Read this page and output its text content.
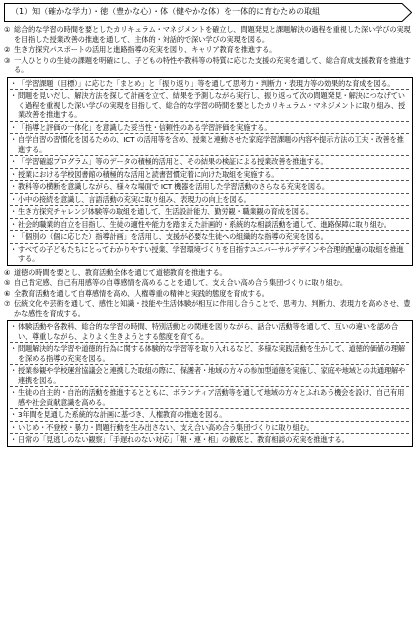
（1）知（確かな学力）・徳（豊かな心）・体（健やかな体）を一体的に育むための取組
① 総合的な学習の時間を要としたカリキュラム・マネジメントを確立し、問題発見と課題解決の過程を重視した深い学びの実現を目指した授業改善の推進を通して、主体的・対話的で深い学びの実現を図る。
② 生き方探究パスポートの活用と進路指導の充実を図り、キャリア教育を推進する。
③ 一人ひとりの生徒の課題を明確にし、子どもの特性や教科等の特質に応じた支援の充実を通して、総合育成支援教育を推進する。
・ 「学習課題（目標）」に応じた「まとめ」と「振り返り」等を通して思考力・判断力・表現力等の効果的な育成を図る。
・ 問題を見いだし、解決方法を探して計画を立て、結果を予測しながら実行し、振り返って次の問題発見・解決につなげていく過程を重視した深い学びの実現を目指して、総合的な学習の時間を要としたカリキュラム・マネジメントに取り組み、授業改善を推進する。
・ 「指導と評価の一体化」を意識した妥当性・信頼性のある学習評価を実施する。
・ 自学自習の習慣化を図るための、ICT の活用等を含め、授業と連動させた家庭学習課題の内容や提示方法の工夫・改善を推進する。
・ 「学習確認プログラム」等のデータの積極的活用と、その結果の検証による授業改善を推進する。
・ 授業における学校図書館の積極的な活用と読書習慣定着に向けた取組を実施する。
・ 教科等の横断を意識しながら、様々な場面で ICT 機器を活用した学習活動のさらなる充実を図る。
・ 小中の接続を意識し、言語活動の充実に取り組み、表現力の向上を図る。
・ 生き方探究チャレンジ体験等の取組を通して、生活設計能力、勤労観・職業観の育成を図る。
・ 社会的職業的自立を目指し、生徒の適性や能力を踏まえた計画的・系統的な相談活動を通して、進路保障に取り組む。
・ 「個別の（個に応じた）指導計画」を活用し、支援が必要な生徒への組織的な指導の充実を図る。
・ すべての子どもたちにとってわかりやすい授業、学習環境づくりを目指すユニバーサルデザインや合理的配慮の取組を推進する。
④ 道徳の時間を要とし、教育活動全体を通じて道徳教育を推進する。
⑤ 自己肯定感、自己有用感等の自尊感情を高めることを通して、支え合い高め合う集団づくりに取り組む。
⑥ 全教育活動を通して自尊感情を高め、人権尊重の精神と実践的態度を育成する。
⑦ 伝統文化や芸術を通して、感性と知識・技能や生活体験が相互に作用し合うことで、思考力、判断力、表現力を高めさせ、豊かな感性を育成する。
・ 体験活動や各教科、総合的な学習の時間、特別活動との関連を図りながら、話合い活動等を通して、互いの違いを認め合い、尊重しながら、よりよく生きようとする態度を育てる。
・ 問題解決的な学習や道徳的行為に関する体験的な学習等を取り入れるなど、多様な実践活動を生かして、道徳的価値の理解を深める指導の充実を図る。
・ 授業参観や学校運営協議会と連携した取組の際に、保護者・地域の方々の参加型道徳を実施し、家庭や地域との共通理解や連携を図る。
・ 生徒の自主的・自治的活動を推進するとともに、ボランティア活動等を通して地域の方々とふれあう機会を設け、自己有用感や社会貢献意識を高める。
・ 3年間を見通した系統的な計画に基づき、人権教育の推進を図る。
・ いじめ・不登校・暴力・問題行動を生み出さない、支え合い高め合う集団づくりに取り組む。
・ 日常の「見逃しのない観察」「手遅れのない対応」「報・連・相」の徹底と、教育相談の充実を推進する。
